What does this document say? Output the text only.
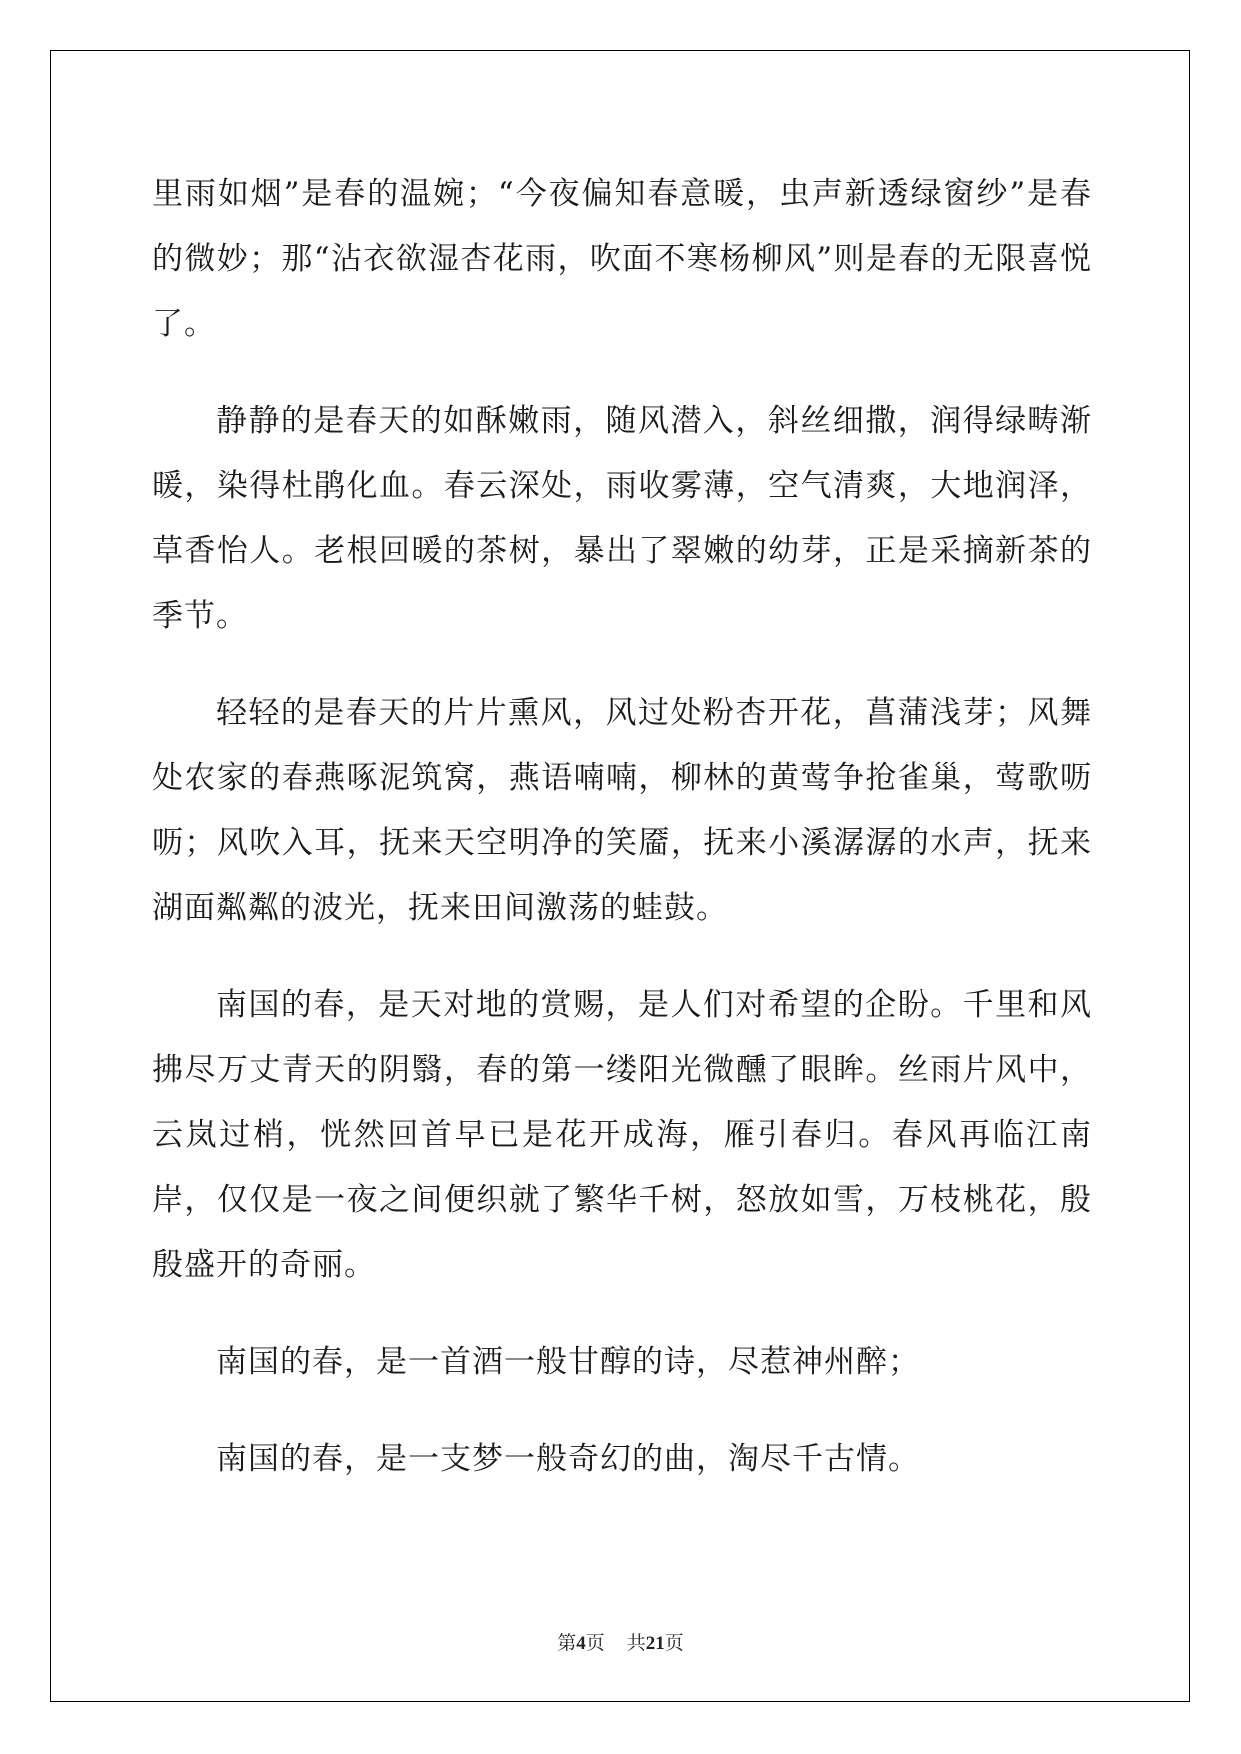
里雨如烟”是春的温婉；“今夜偏知春意暖，虫声新透绿窗纱”是春的微妙；那“沾衣欲湿杏花雨，吹面不寒杨柳风”则是春的无限喜悦了。

静静的是春天的如酥嫩雨，随风潜入，斜丝细撒，润得绿畴渐暖，染得杜鹃化血。春云深处，雨收雾薄，空气清爽，大地润泽，草香怡人。老根回暖的茶树，暴出了翠嫩的幼芽，正是采摘新茶的季节。

轻轻的是春天的片片熏风，风过处粉杏开花，菖蒲浅芽；风舞处农家的春燕啄泥筑窝，燕语喃喃，柳林的黄莺争抢雀巢，莺歌呖呖；风吹入耳，抚来天空明净的笑靥，抚来小溪潺潺的水声，抚来湖面粼粼的波光，抚来田间激荡的蛙鼓。

南国的春，是天对地的赏赐，是人们对希望的企盼。千里和风拂尽万丈青天的阴翳，春的第一缕阳光微醺了眼眸。丝雨片风中，云岚过梢，恍然回首早已是花开成海，雁引春归。春风再临江南岸，仅仅是一夜之间便织就了繁华千树，怒放如雪，万枝桃花，殷殷盛开的奇丽。

南国的春，是一首酒一般甘醇的诗，尽惹神州醉；

南国的春，是一支梦一般奇幻的曲，淘尽千古情。

第4页 共21页
